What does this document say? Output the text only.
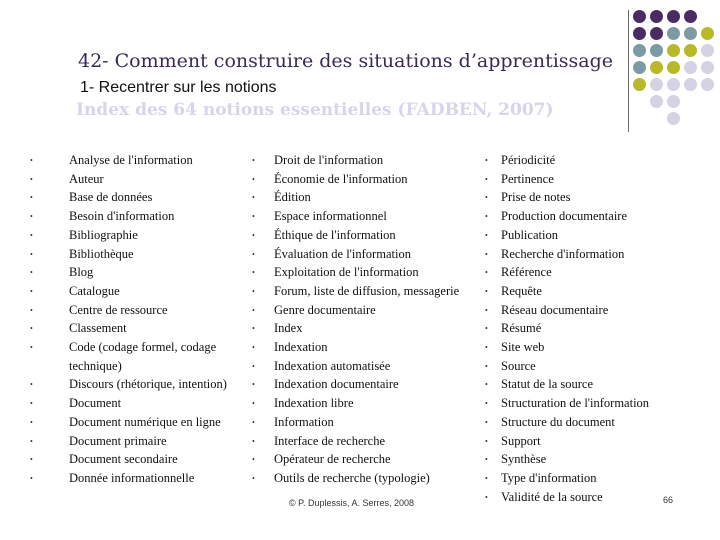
42- Comment construire des situations d’apprentissage
1- Recentrer sur les notions
Index des 64 notions essentielles (FADBEN, 2007)
• Analyse de l'information
• Auteur
• Base de données
• Besoin d'information
• Bibliographie
• Bibliothèque
• Blog
• Catalogue
• Centre de ressource
• Classement
• Code (codage formel, codage technique)
• Discours (rhétorique, intention)
• Document
• Document numérique en ligne
• Document primaire
• Document secondaire
• Donnée informationnelle
• Droit de l'information
• Économie de l'information
• Édition
• Espace informationnel
• Éthique de l'information
• Évaluation de l'information
• Exploitation de l'information
• Forum, liste de diffusion, messagerie
• Genre documentaire
• Index
• Indexation
• Indexation automatisée
• Indexation documentaire
• Indexation libre
• Information
• Interface de recherche
• Opérateur de recherche
• Outils de recherche (typologie)
• Périodicité
• Pertinence
• Prise de notes
• Production documentaire
• Publication
• Recherche d'information
• Référence
• Requête
• Réseau documentaire
• Résumé
• Site web
• Source
• Statut de la source
• Structuration de l'information
• Structure du document
• Support
• Synthèse
• Type d'information
• Validité de la source
© P. Duplessis, A. Serres, 2008	66
